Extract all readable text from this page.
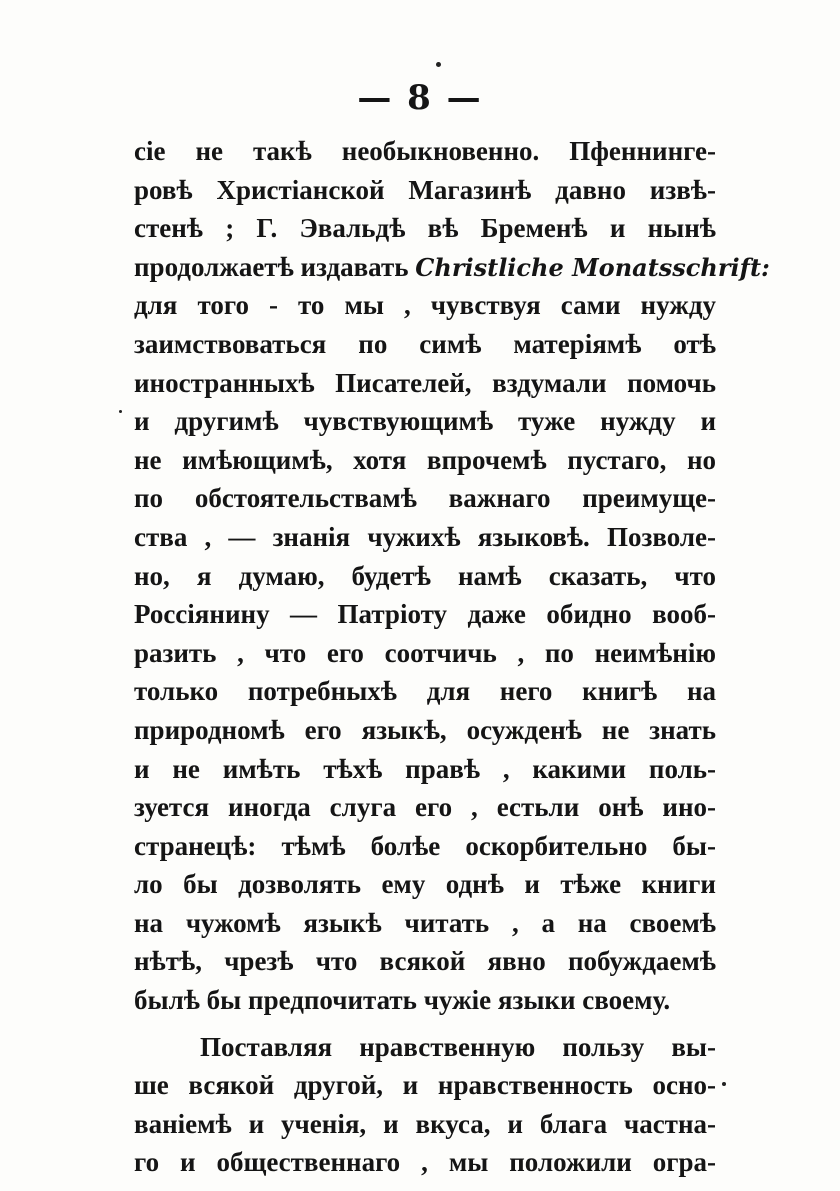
— 8 —
сіе не такѣ необыкновенно. Пфеннинге-
ровѣ Христіанской Магазинѣ давно извѣ-
стенѣ ; Г. Эвальдѣ вѣ Бременѣ и нынѣ
продолжаетѣ издавать Christliche Monatsschrift:
для того - то мы , чувствуя сами нужду
заимствоваться по симѣ матеріямѣ отѣ
иностранныхѣ Писателей, вздумали помочь
и другимѣ чувствующимѣ туже нужду и
не имѣющимѣ, хотя впрочемѣ пустаго, но
по обстоятельствамѣ важнаго преимуще-
ства , — знанія чужихѣ языковѣ. Позволе-
но, я думаю, будетѣ намѣ сказать, что
Россіянину — Патріоту даже обидно вооб-
разить , что его соотчичь , по неимѣнію
только потребныхѣ для него книгѣ на
природномѣ его языкѣ, осужденѣ не знать
и не имѣть тѣхѣ правѣ , какими поль-
зуется иногда слуга его , естьли онѣ ино-
странецѣ: тѣмѣ болѣе оскорбительно бы-
ло бы дозволять ему однѣ и тѣже книги
на чужомѣ языкѣ читать , а на своемѣ
нѣтѣ, чрезѣ что всякой явно побуждаемѣ
былѣ бы предпочитать чужіе языки своему.
Поставляя нравственную пользу вы-
ше всякой другой, и нравственность осно-
ваніемѣ и ученія, и вкуса, и блага частна-
го и общественнаго , мы положили огра-
